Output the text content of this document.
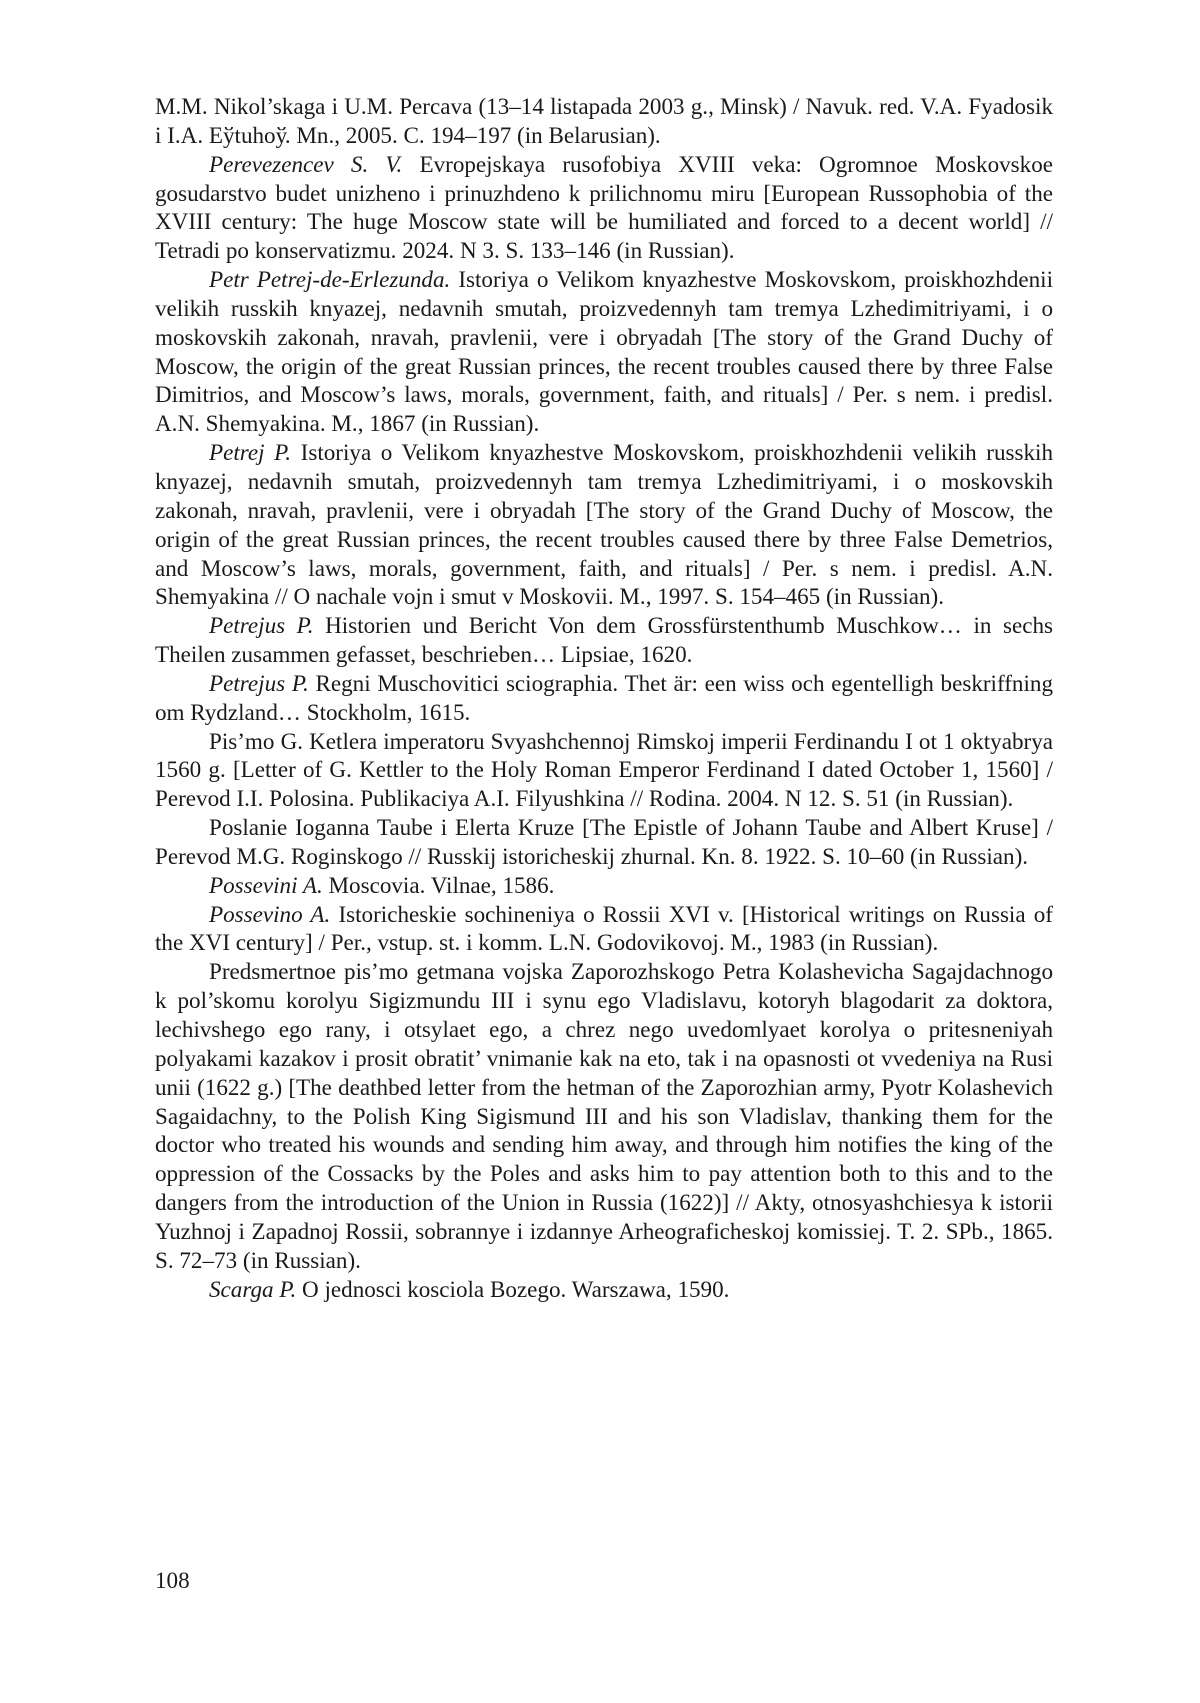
M.M. Nikol’skaga i U.M. Percava (13–14 listapada 2003 g., Minsk) / Navuk. red. V.A. Fyadosik i I.A. Eўtuhoў. Mn., 2005. C. 194–197 (in Belarusian).

Perevezencev S. V. Evropejskaya rusofobiya XVIII veka: Ogromnoe Moskovskoe gosudarstvo budet unizheno i prinuzhdeno k prilichnomu miru [European Russophobia of the XVIII century: The huge Moscow state will be humiliated and forced to a decent world] // Tetradi po konservatizmu. 2024. N 3. S. 133–146 (in Russian).

Petr Petrej-de-Erlezunda. Istoriya o Velikom knyazhestve Moskovskom, proiskhozhdenii velikih russkih knyazej, nedavnih smutah, proizvedennyh tam tremya Lzhedimitriyami, i o moskovskih zakonah, nravah, pravlenii, vere i obryadah [The story of the Grand Duchy of Moscow, the origin of the great Russian princes, the recent troubles caused there by three False Dimitrios, and Moscow’s laws, morals, government, faith, and rituals] / Per. s nem. i predisl. A.N. Shemyakina. M., 1867 (in Russian).

Petrej P. Istoriya o Velikom knyazhestve Moskovskom, proiskhozhdenii velikih russkih knyazej, nedavnih smutah, proizvedennyh tam tremya Lzhedimitriyami, i o moskovskih zakonah, nravah, pravlenii, vere i obryadah [The story of the Grand Duchy of Moscow, the origin of the great Russian princes, the recent troubles caused there by three False Demetrios, and Moscow’s laws, morals, government, faith, and rituals] / Per. s nem. i predisl. A.N. Shemyakina // O nachale vojn i smut v Moskovii. M., 1997. S. 154–465 (in Russian).

Petrejus P. Historien und Bericht Von dem Grossfürstenthumb Muschkow… in sechs Theilen zusammen gefasset, beschrieben… Lipsiae, 1620.

Petrejus P. Regni Muschovitici sciographia. Thet är: een wiss och egentelligh beskriffning om Rydzland… Stockholm, 1615.

Pis’mo G. Ketlera imperatoru Svyashchennoj Rimskoj imperii Ferdinandu I ot 1 oktyabrya 1560 g. [Letter of G. Kettler to the Holy Roman Emperor Ferdinand I dated October 1, 1560] / Perevod I.I. Polosina. Publikaciya A.I. Filyushkina // Rodina. 2004. N 12. S. 51 (in Russian).

Poslanie Ioganna Taube i Elerta Kruze [The Epistle of Johann Taube and Albert Kruse] / Perevod M.G. Roginskogo // Russkij istoricheskij zhurnal. Kn. 8. 1922. S. 10–60 (in Russian).

Possevini A. Moscovia. Vilnae, 1586.

Possevino A. Istoricheskie sochineniya o Rossii XVI v. [Historical writings on Russia of the XVI century] / Per., vstup. st. i komm. L.N. Godovikovoj. M., 1983 (in Russian).

Predsmertnoe pis’mo getmana vojska Zaporozhskogo Petra Kolashevicha Sagajdachnogo k pol’skomu korolyu Sigizmundu III i synu ego Vladislavu, kotoryh blagodarit za doktora, lechivshego ego rany, i otsylaet ego, a chrez nego uvedomlyaet korolya o pritesneniyah polyakami kazakov i prosit obratit’ vnimanie kak na eto, tak i na opasnosti ot vvedeniya na Rusi unii (1622 g.) [The deathbed letter from the hetman of the Zaporozhian army, Pyotr Kolashevich Sagaidachny, to the Polish King Sigismund III and his son Vladislav, thanking them for the doctor who treated his wounds and sending him away, and through him notifies the king of the oppression of the Cossacks by the Poles and asks him to pay attention both to this and to the dangers from the introduction of the Union in Russia (1622)] // Akty, otnosyashchiesya k istorii Yuzhnoj i Zapadnoj Rossii, sobrannye i izdannye Arheograficheskoj komissiej. T. 2. SPb., 1865. S. 72–73 (in Russian).

Scarga P. O jednosci kosciola Bozego. Warszawa, 1590.

108
